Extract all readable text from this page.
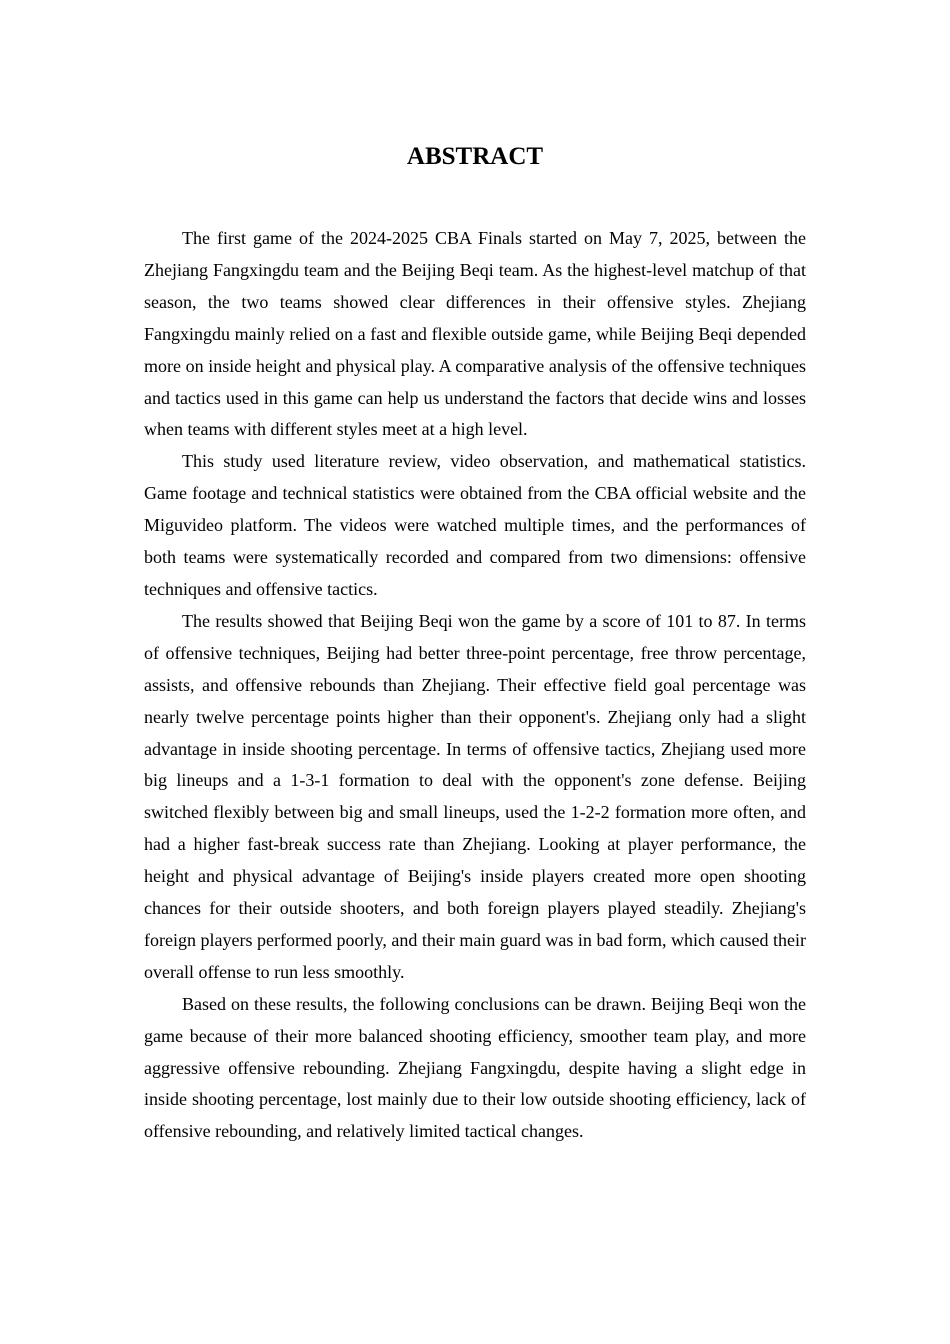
ABSTRACT

The first game of the 2024-2025 CBA Finals started on May 7, 2025, between the Zhejiang Fangxingdu team and the Beijing Beqi team. As the highest-level matchup of that season, the two teams showed clear differences in their offensive styles. Zhejiang Fangxingdu mainly relied on a fast and flexible outside game, while Beijing Beqi depended more on inside height and physical play. A comparative analysis of the offensive techniques and tactics used in this game can help us understand the factors that decide wins and losses when teams with different styles meet at a high level.

This study used literature review, video observation, and mathematical statistics. Game footage and technical statistics were obtained from the CBA official website and the Miguvideo platform. The videos were watched multiple times, and the performances of both teams were systematically recorded and compared from two dimensions: offensive techniques and offensive tactics.

The results showed that Beijing Beqi won the game by a score of 101 to 87. In terms of offensive techniques, Beijing had better three-point percentage, free throw percentage, assists, and offensive rebounds than Zhejiang. Their effective field goal percentage was nearly twelve percentage points higher than their opponent's. Zhejiang only had a slight advantage in inside shooting percentage. In terms of offensive tactics, Zhejiang used more big lineups and a 1-3-1 formation to deal with the opponent's zone defense. Beijing switched flexibly between big and small lineups, used the 1-2-2 formation more often, and had a higher fast-break success rate than Zhejiang. Looking at player performance, the height and physical advantage of Beijing's inside players created more open shooting chances for their outside shooters, and both foreign players played steadily. Zhejiang's foreign players performed poorly, and their main guard was in bad form, which caused their overall offense to run less smoothly.

Based on these results, the following conclusions can be drawn. Beijing Beqi won the game because of their more balanced shooting efficiency, smoother team play, and more aggressive offensive rebounding. Zhejiang Fangxingdu, despite having a slight edge in inside shooting percentage, lost mainly due to their low outside shooting efficiency, lack of offensive rebounding, and relatively limited tactical changes.
